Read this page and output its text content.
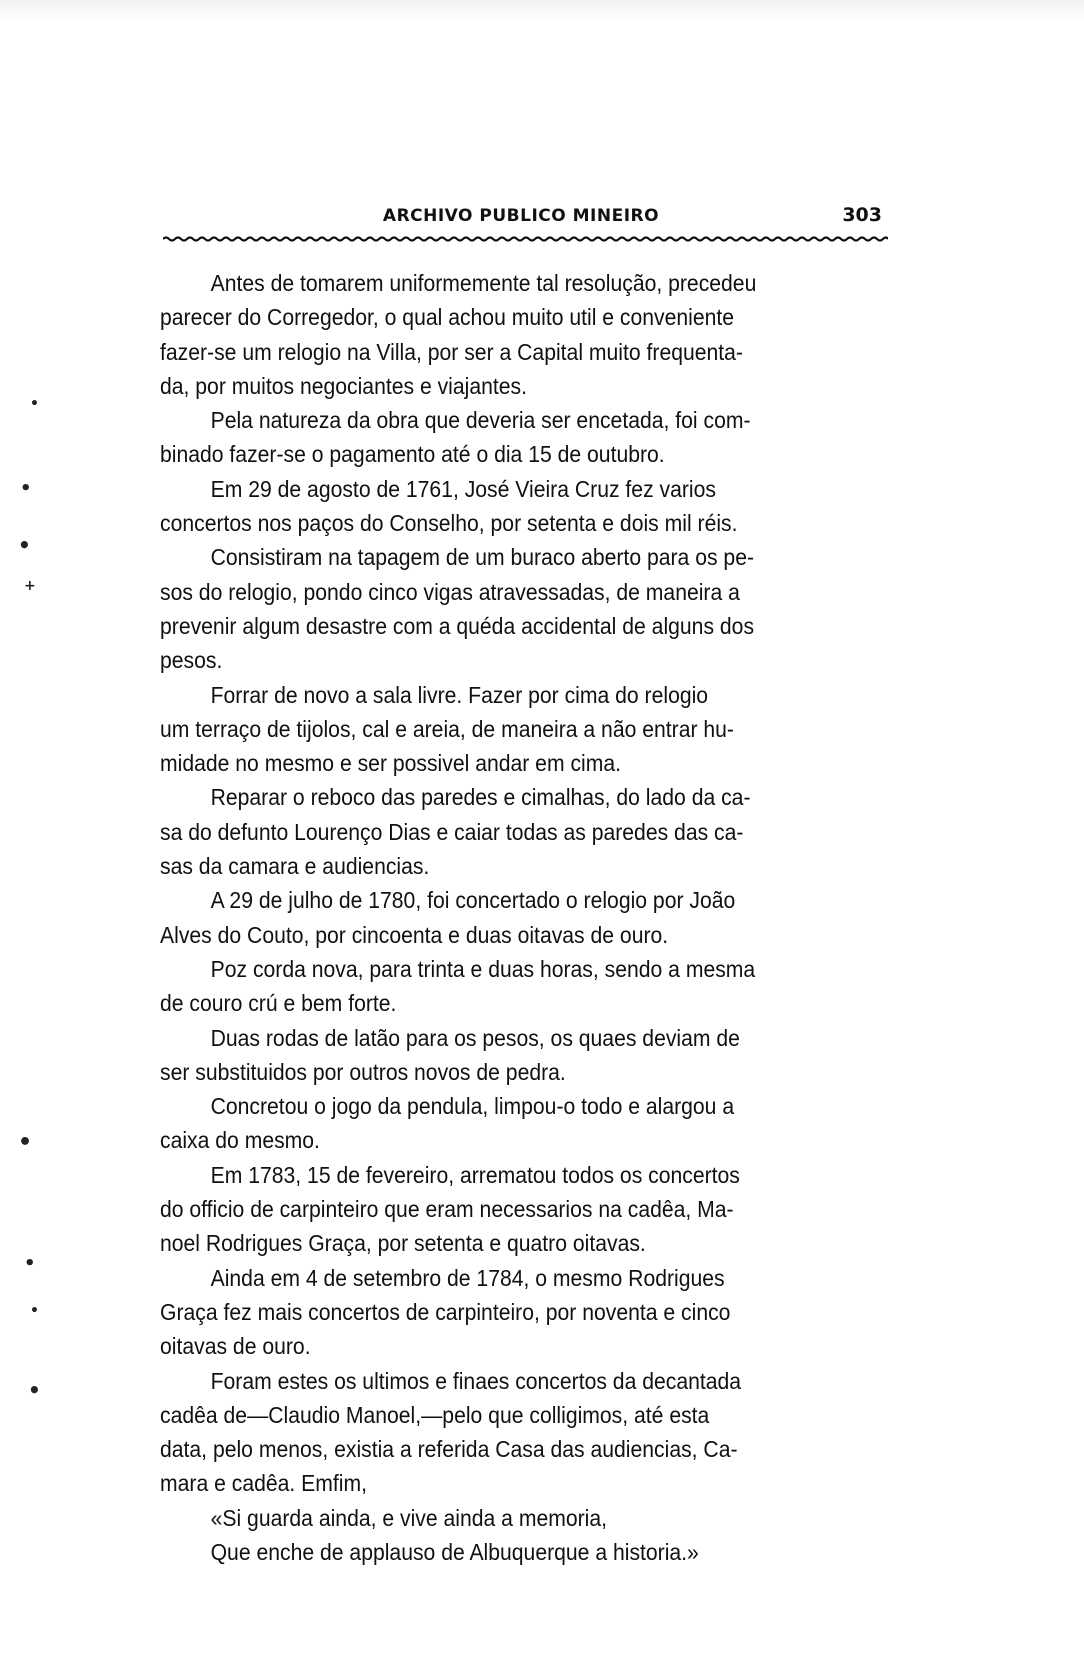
ARCHIVO PUBLICO MINEIRO	303
Antes de tomarem uniformemente tal resolução, precedeu
parecer do Corregedor, o qual achou muito util e conveniente
fazer-se um relogio na Villa, por ser a Capital muito frequenta-
da, por muitos negociantes e viajantes.
Pela natureza da obra que deveria ser encetada, foi com-
binado fazer-se o pagamento até o dia 15 de outubro.
Em 29 de agosto de 1761, José Vieira Cruz fez varios
concertos nos paços do Conselho, por setenta e dois mil réis.
Consistiram na tapagem de um buraco aberto para os pe-
sos do relogio, pondo cinco vigas atravessadas, de maneira a
prevenir algum desastre com a quéda accidental de alguns dos
pesos.
Forrar de novo a sala livre. Fazer por cima do relogio
um terraço de tijolos, cal e areia, de maneira a não entrar hu-
midade no mesmo e ser possivel andar em cima.
Reparar o reboco das paredes e cimalhas, do lado da ca-
sa do defunto Lourenço Dias e caiar todas as paredes das ca-
sas da camara e audiencias.
A 29 de julho de 1780, foi concertado o relogio por João
Alves do Couto, por cincoenta e duas oitavas de ouro.
Poz corda nova, para trinta e duas horas, sendo a mesma
de couro crú e bem forte.
Duas rodas de latão para os pesos, os quaes deviam de
ser substituidos por outros novos de pedra.
Concretou o jogo da pendula, limpou-o todo e alargou a
caixa do mesmo.
Em 1783, 15 de fevereiro, arrematou todos os concertos
do officio de carpinteiro que eram necessarios na cadêa, Ma-
noel Rodrigues Graça, por setenta e quatro oitavas.
Ainda em 4 de setembro de 1784, o mesmo Rodrigues
Graça fez mais concertos de carpinteiro, por noventa e cinco
oitavas de ouro.
Foram estes os ultimos e finaes concertos da decantada
cadêa de—Claudio Manoel,—pelo que colligimos, até esta
data, pelo menos, existia a referida Casa das audiencias, Ca-
mara e cadêa. Emfim,
«Si guarda ainda, e vive ainda a memoria,
Que enche de applauso de Albuquerque a historia.»
•
•
•
+
•
•
•
•
